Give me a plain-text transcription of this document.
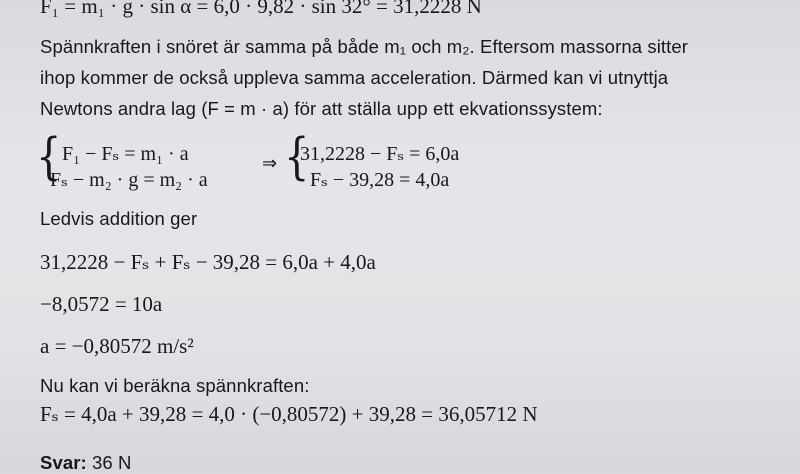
F₁ = m₁ · g · sin α = 6,0 · 9,82 · sin 32° = 31,2228 N
Spännkraften i snöret är samma på både m₁ och m₂. Eftersom massorna sitter
ihop kommer de också uppleva samma acceleration. Därmed kan vi utnyttja
Newtons andra lag (F = m · a) för att ställa upp ett ekvationssystem:
{ F₁ − Fₛ = m₁ · a
Fₛ − m₂ · g = m₂ · a
⇒ {
31,2228 − Fₛ = 6,0a
Fₛ − 39,28 = 4,0a
Ledvis addition ger
31,2228 − Fₛ + Fₛ − 39,28 = 6,0a + 4,0a
−8,0572 = 10a
a = −0,80572 m/s²
Nu kan vi beräkna spännkraften:
Fₛ = 4,0a + 39,28 = 4,0 · (−0,80572) + 39,28 = 36,05712 N
Svar: 36 N
